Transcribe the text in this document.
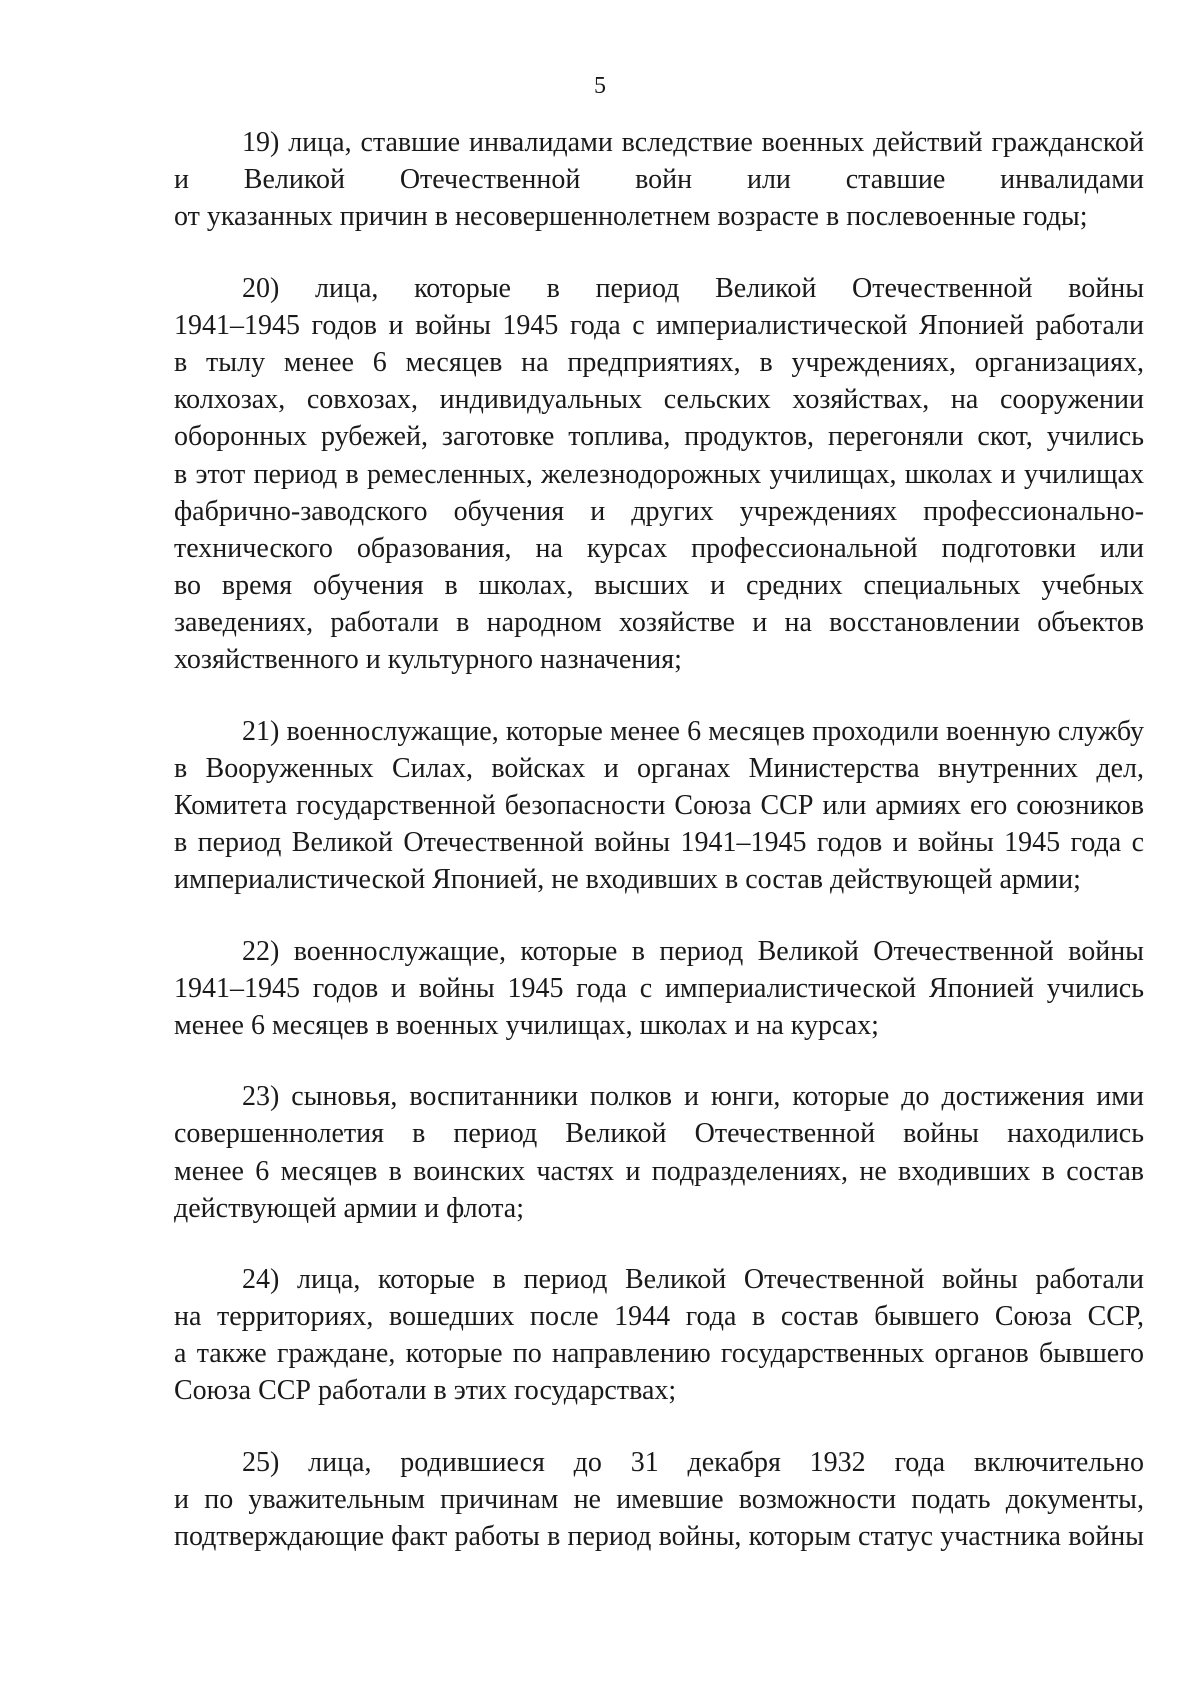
5
19) лица, ставшие инвалидами вследствие военных действий гражданской
и Великой Отечественной войн или ставшие инвалидами
от указанных причин в несовершеннолетнем возрасте в послевоенные годы;
20) лица, которые в период Великой Отечественной войны
1941–1945 годов и войны 1945 года с империалистической Японией работали
в тылу менее 6 месяцев на предприятиях, в учреждениях, организациях,
колхозах, совхозах, индивидуальных сельских хозяйствах, на сооружении
оборонных рубежей, заготовке топлива, продуктов, перегоняли скот, учились
в этот период в ремесленных, железнодорожных училищах, школах и училищах
фабрично-заводского обучения и других учреждениях профессионально-
технического образования, на курсах профессиональной подготовки или
во время обучения в школах, высших и средних специальных учебных
заведениях, работали в народном хозяйстве и на восстановлении объектов
хозяйственного и культурного назначения;
21) военнослужащие, которые менее 6 месяцев проходили военную службу
в Вооруженных Силах, войсках и органах Министерства внутренних дел,
Комитета государственной безопасности Союза ССР или армиях его союзников
в период Великой Отечественной войны 1941–1945 годов и войны 1945 года с
империалистической Японией, не входивших в состав действующей армии;
22) военнослужащие, которые в период Великой Отечественной войны
1941–1945 годов и войны 1945 года с империалистической Японией учились
менее 6 месяцев в военных училищах, школах и на курсах;
23) сыновья, воспитанники полков и юнги, которые до достижения ими
совершеннолетия в период Великой Отечественной войны находились
менее 6 месяцев в воинских частях и подразделениях, не входивших в состав
действующей армии и флота;
24) лица, которые в период Великой Отечественной войны работали
на территориях, вошедших после 1944 года в состав бывшего Союза ССР,
а также граждане, которые по направлению государственных органов бывшего
Союза ССР работали в этих государствах;
25) лица, родившиеся до 31 декабря 1932 года включительно
и по уважительным причинам не имевшие возможности подать документы,
подтверждающие факт работы в период войны, которым статус участника войны
